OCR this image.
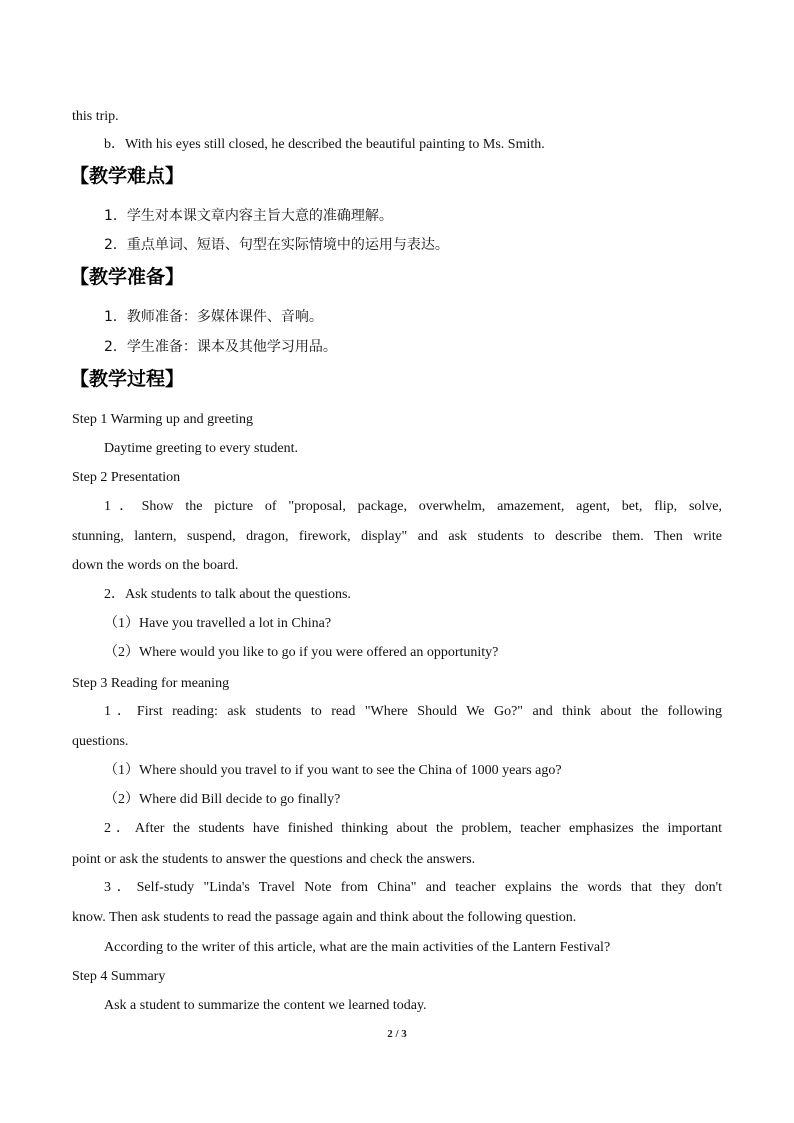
this trip.
b．With his eyes still closed, he described the beautiful painting to Ms. Smith.
【教学难点】
1．学生对本课文章内容主旨大意的准确理解。
2．重点单词、短语、句型在实际情境中的运用与表达。
【教学准备】
1．教师准备：多媒体课件、音响。
2．学生准备：课本及其他学习用品。
【教学过程】
Step 1 Warming up and greeting
Daytime greeting to every student.
Step 2 Presentation
1．Show the picture of "proposal, package, overwhelm, amazement, agent, bet, flip, solve,
stunning, lantern, suspend, dragon, firework, display" and ask students to describe them. Then write
down the words on the board.
2．Ask students to talk about the questions.
（1）Have you travelled a lot in China?
（2）Where would you like to go if you were offered an opportunity?
Step 3 Reading for meaning
1．First reading: ask students to read "Where Should We Go?" and think about the following
questions.
（1）Where should you travel to if you want to see the China of 1000 years ago?
（2）Where did Bill decide to go finally?
2．After the students have finished thinking about the problem, teacher emphasizes the important
point or ask the students to answer the questions and check the answers.
3．Self-study "Linda's Travel Note from China" and teacher explains the words that they don't
know. Then ask students to read the passage again and think about the following question.
According to the writer of this article, what are the main activities of the Lantern Festival?
Step 4 Summary
Ask a student to summarize the content we learned today.
2 / 3
